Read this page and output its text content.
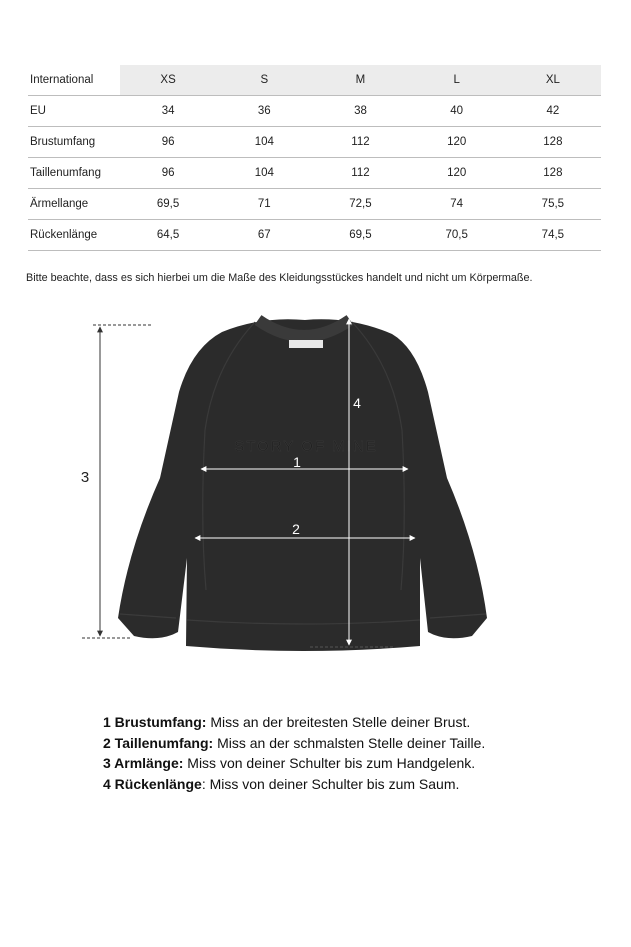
International	XS	S	M	L	XL
EU	34	36	38	40	42
Brustumfang	96	104	112	120	128
Taillenumfang	96	104	112	120	128
Ärmellange	69,5	71	72,5	74	75,5
Rückenlänge	64,5	67	69,5	70,5	74,5
Bitte beachte, dass es sich hierbei um die Maße des Kleidungsstückes handelt und nicht um Körpermaße.
STORY OF MINE
1
2
4
3
1 Brustumfang: Miss an der breitesten Stelle deiner Brust.
2 Taillenumfang: Miss an der schmalsten Stelle deiner Taille.
3 Armlänge: Miss von deiner Schulter bis zum Handgelenk.
4 Rückenlänge: Miss von deiner Schulter bis zum Saum.
